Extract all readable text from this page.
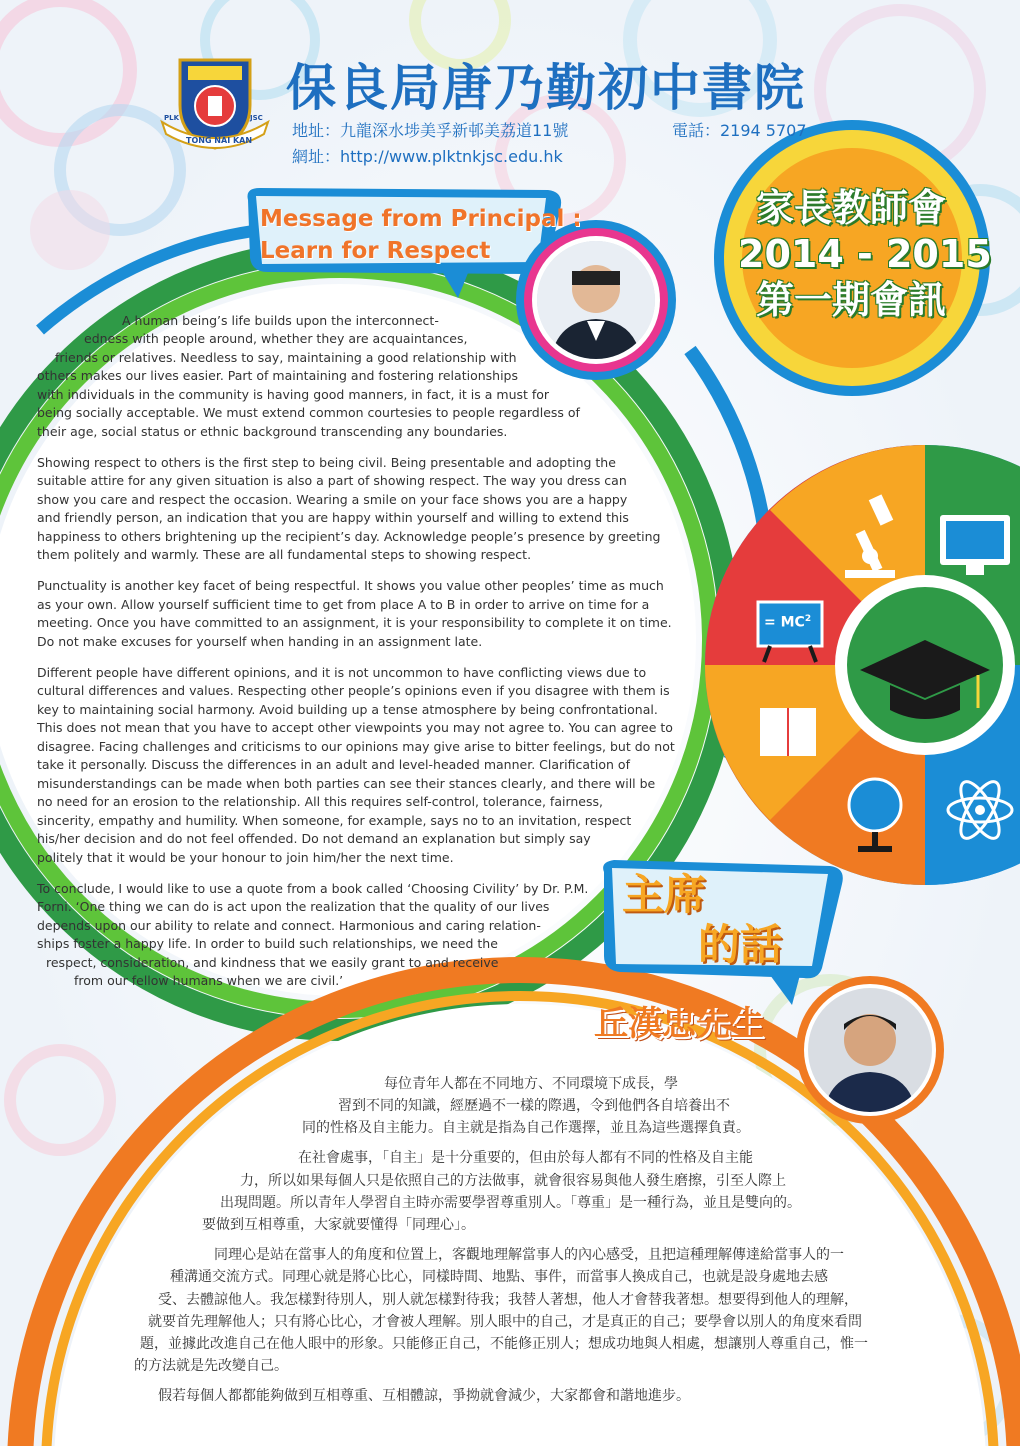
PLK	JSC
TONG NAI KAN
保良局唐乃勤初中書院
地址：九龍深水埗美孚新邨美荔道11號	電話：2194 5707
網址：http://www.plktnkjsc.edu.hk
家長教師會
2014 - 2015
第一期會訊
Message from Principal :
Learn for Respect
A human being’s life builds upon the interconnect-
edness with people around, whether they are acquaintances,
friends or relatives. Needless to say, maintaining a good relationship with
others makes our lives easier. Part of maintaining and fostering relationships
with individuals in the community is having good manners, in fact, it is a must for
being socially acceptable. We must extend common courtesies to people regardless of
their age, social status or ethnic background transcending any boundaries.
Showing respect to others is the first step to being civil. Being presentable and adopting the
suitable attire for any given situation is also a part of showing respect. The way you dress can
show you care and respect the occasion. Wearing a smile on your face shows you are a happy
and friendly person, an indication that you are happy within yourself and willing to extend this
happiness to others brightening up the recipient’s day. Acknowledge people’s presence by greeting
them politely and warmly. These are all fundamental steps to showing respect.
Punctuality is another key facet of being respectful. It shows you value other peoples’ time as much
as your own. Allow yourself sufficient time to get from place A to B in order to arrive on time for a
meeting. Once you have committed to an assignment, it is your responsibility to complete it on time.
Do not make excuses for yourself when handing in an assignment late.
Different people have different opinions, and it is not uncommon to have conflicting views due to
cultural differences and values. Respecting other people’s opinions even if you disagree with them is
key to maintaining social harmony. Avoid building up a tense atmosphere by being confrontational.
This does not mean that you have to accept other viewpoints you may not agree to. You can agree to
disagree. Facing challenges and criticisms to our opinions may give arise to bitter feelings, but do not
take it personally. Discuss the differences in an adult and level-headed manner. Clarification of
misunderstandings can be made when both parties can see their stances clearly, and there will be
no need for an erosion to the relationship. All this requires self-control, tolerance, fairness,
sincerity, empathy and humility. When someone, for example, says no to an invitation, respect
his/her decision and do not feel offended. Do not demand an explanation but simply say
politely that it would be your honour to join him/her the next time.
To conclude, I would like to use a quote from a book called ‘Choosing Civility’ by Dr. P.M.
Forni. ‘One thing we can do is act upon the realization that the quality of our lives
depends upon our ability to relate and connect. Harmonious and caring relation-
ships foster a happy life. In order to build such relationships, we need the
respect, consideration, and kindness that we easily grant to and receive
from our fellow humans when we are civil.’
= $MC^2$
主席
的話
丘漢忠先生
每位青年人都在不同地方、不同環境下成長，學
習到不同的知識，經歷過不一樣的際遇，令到他們各自培養出不
同的性格及自主能力。自主就是指為自己作選擇，並且為這些選擇負責。
在社會處事，「自主」是十分重要的，但由於每人都有不同的性格及自主能
力，所以如果每個人只是依照自己的方法做事，就會很容易與他人發生磨擦，引至人際上
出現問題。所以青年人學習自主時亦需要學習尊重別人。「尊重」是一種行為，並且是雙向的。
要做到互相尊重，大家就要懂得「同理心」。
同理心是站在當事人的角度和位置上，客觀地理解當事人的內心感受，且把這種理解傳達給當事人的一
種溝通交流方式。同理心就是將心比心，同樣時間、地點、事件，而當事人換成自己，也就是設身處地去感
受、去體諒他人。我怎樣對待別人，別人就怎樣對待我；我替人著想，他人才會替我著想。想要得到他人的理解，
就要首先理解他人；只有將心比心，才會被人理解。別人眼中的自己，才是真正的自己；要學會以別人的角度來看問
題，並據此改進自己在他人眼中的形象。只能修正自己，不能修正別人；想成功地與人相處，想讓別人尊重自己，惟一
的方法就是先改變自己。
假若每個人都都能夠做到互相尊重、互相體諒，爭拗就會減少，大家都會和諧地進步。
